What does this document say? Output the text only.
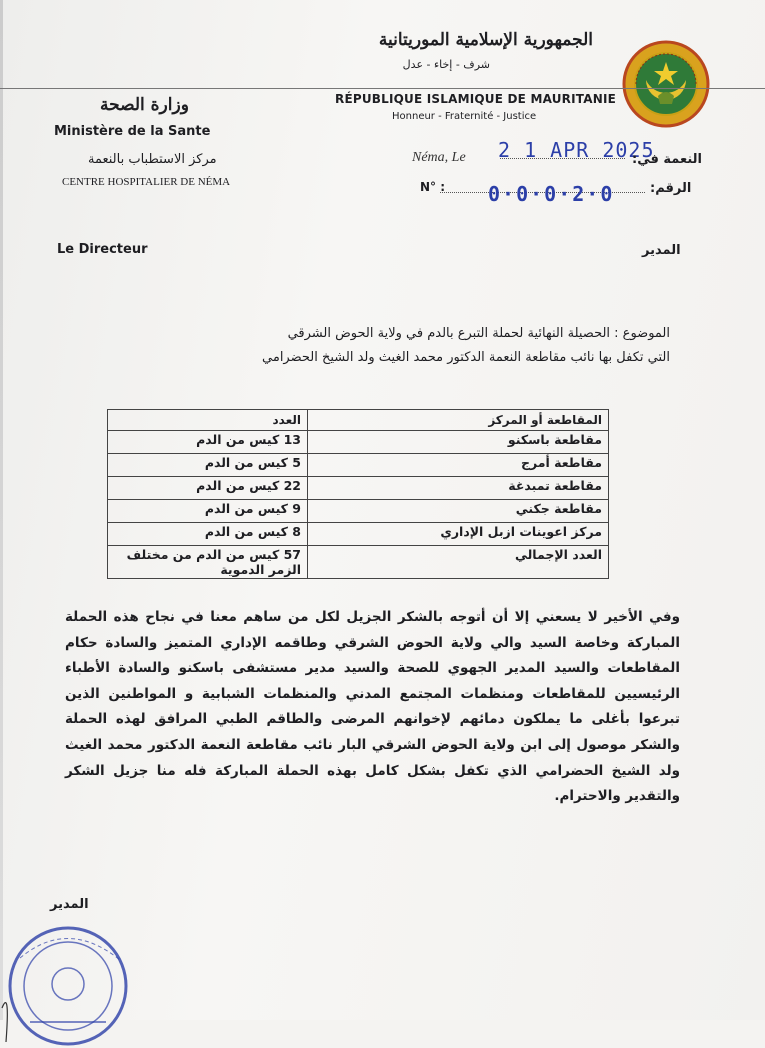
الجمهورية الإسلامية الموريتانية
شرف - إخاء - عدل
RÉPUBLIQUE ISLAMIQUE DE MAURITANIE
Honneur - Fraternité - Justice
وزارة الصحة
Ministère de la Sante
مركز الاستطباب بالنعمة
CENTRE HOSPITALIER DE NÉMA
Néma, Le 2 1 APR 2025
النعمة في:
N° : 0·0·0·2·0	الرقم:
Le Directeur	المدير
الموضوع : الحصيلة النهائية لحملة التبرع بالدم في ولاية الحوض الشرقي
التي تكفل بها نائب مقاطعة النعمة الدكتور محمد الغيث ولد الشيخ الحضرامي
المقاطعة أو المركز	العدد
مقاطعة باسكنو	13 كيس من الدم
مقاطعة أمرج	5 كيس من الدم
مقاطعة تمبدغة	22 كيس من الدم
مقاطعة جكني	9 كيس من الدم
مركز اعوينات ازبل الإداري	8 كيس من الدم
العدد الإجمالي	57 كيس من الدم من مختلف الزمر الدموية
وفي الأخير لا يسعني إلا أن أتوجه بالشكر الجزيل لكل من ساهم معنا في نجاح هذه الحملة المباركة وخاصة السيد والي ولاية الحوض الشرقي وطاقمه الإداري المتميز والسادة حكام المقاطعات والسيد المدير الجهوي للصحة والسيد مدير مستشفى باسكنو والسادة الأطباء الرئيسيين للمقاطعات ومنظمات المجتمع المدني والمنظمات الشبابية و المواطنين الذين تبرعوا بأغلى ما يملكون دمائهم لإخوانهم المرضى والطاقم الطبي المرافق لهذه الحملة والشكر موصول إلى ابن ولاية الحوض الشرقي البار نائب مقاطعة النعمة الدكتور محمد الغيث ولد الشيخ الحضرامي الذي تكفل بشكل كامل بهذه الحملة المباركة فله منا جزيل الشكر والتقدير والاحترام.
المدير
